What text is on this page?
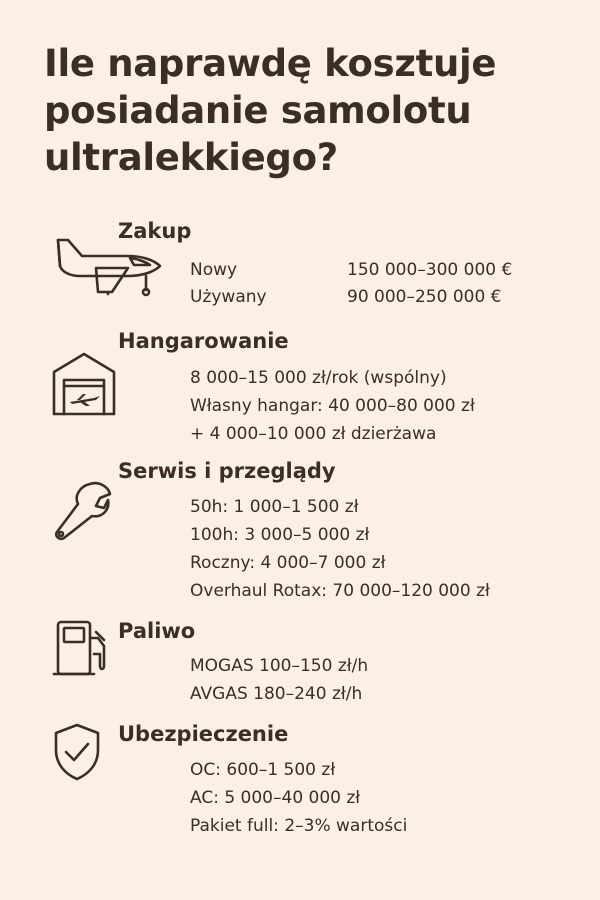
Ile naprawdę kosztuje
posiadanie samolotu
ultralekkiego?
Zakup
Nowy	150 000–300 000 €
Używany	90 000–250 000 €
Hangarowanie
8 000–15 000 zł/rok (wspólny)
Własny hangar: 40 000–80 000 zł
+ 4 000–10 000 zł dzierżawa
Serwis i przeglądy
50h: 1 000–1 500 zł
100h: 3 000–5 000 zł
Roczny: 4 000–7 000 zł
Overhaul Rotax: 70 000–120 000 zł
Paliwo
MOGAS 100–150 zł/h
AVGAS 180–240 zł/h
Ubezpieczenie
OC: 600–1 500 zł
AC: 5 000–40 000 zł
Pakiet full: 2–3% wartości
